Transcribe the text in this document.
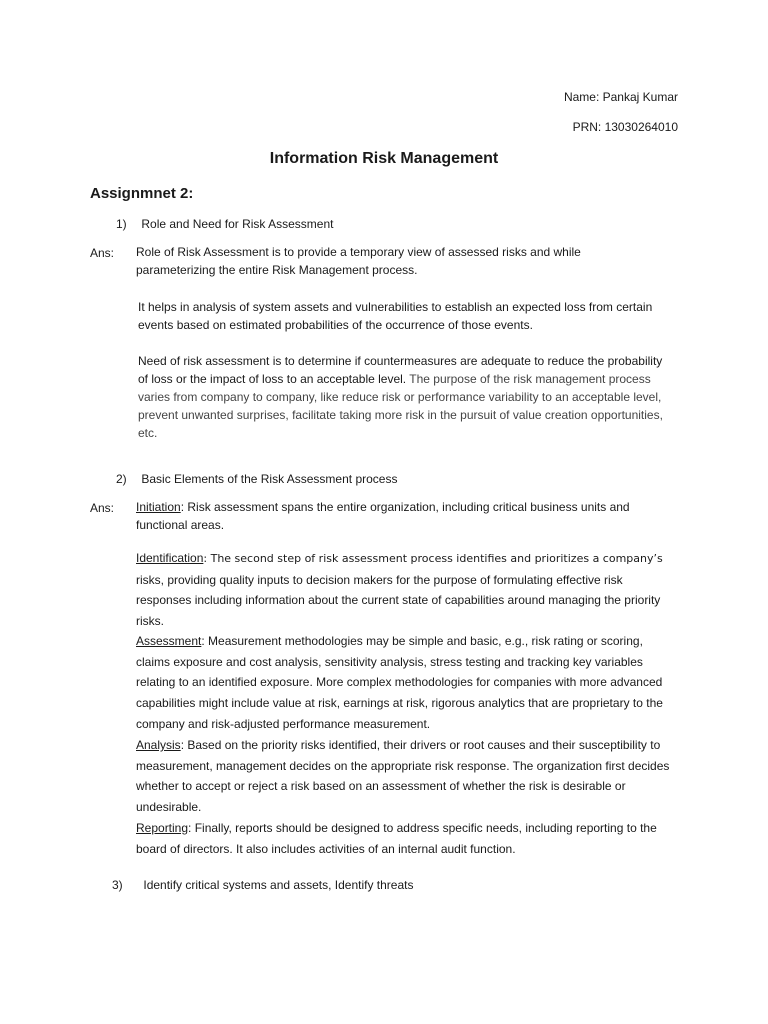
Name: Pankaj Kumar
PRN: 13030264010
Information Risk Management
Assignmnet 2:
1) Role and Need for Risk Assessment
Ans: Role of Risk Assessment is to provide a temporary view of assessed risks and while parameterizing the entire Risk Management process.
It helps in analysis of system assets and vulnerabilities to establish an expected loss from certain events based on estimated probabilities of the occurrence of those events.
Need of risk assessment is to determine if countermeasures are adequate to reduce the probability of loss or the impact of loss to an acceptable level. The purpose of the risk management process varies from company to company, like reduce risk or performance variability to an acceptable level, prevent unwanted surprises, facilitate taking more risk in the pursuit of value creation opportunities, etc.
2) Basic Elements of the Risk Assessment process
Ans: Initiation: Risk assessment spans the entire organization, including critical business units and functional areas.
Identification: The second step of risk assessment process identifies and prioritizes a company’s risks, providing quality inputs to decision makers for the purpose of formulating effective risk responses including information about the current state of capabilities around managing the priority risks.
Assessment: Measurement methodologies may be simple and basic, e.g., risk rating or scoring, claims exposure and cost analysis, sensitivity analysis, stress testing and tracking key variables relating to an identified exposure. More complex methodologies for companies with more advanced capabilities might include value at risk, earnings at risk, rigorous analytics that are proprietary to the company and risk-adjusted performance measurement.
Analysis: Based on the priority risks identified, their drivers or root causes and their susceptibility to measurement, management decides on the appropriate risk response. The organization first decides whether to accept or reject a risk based on an assessment of whether the risk is desirable or undesirable.
Reporting: Finally, reports should be designed to address specific needs, including reporting to the board of directors. It also includes activities of an internal audit function.
3) Identify critical systems and assets, Identify threats
